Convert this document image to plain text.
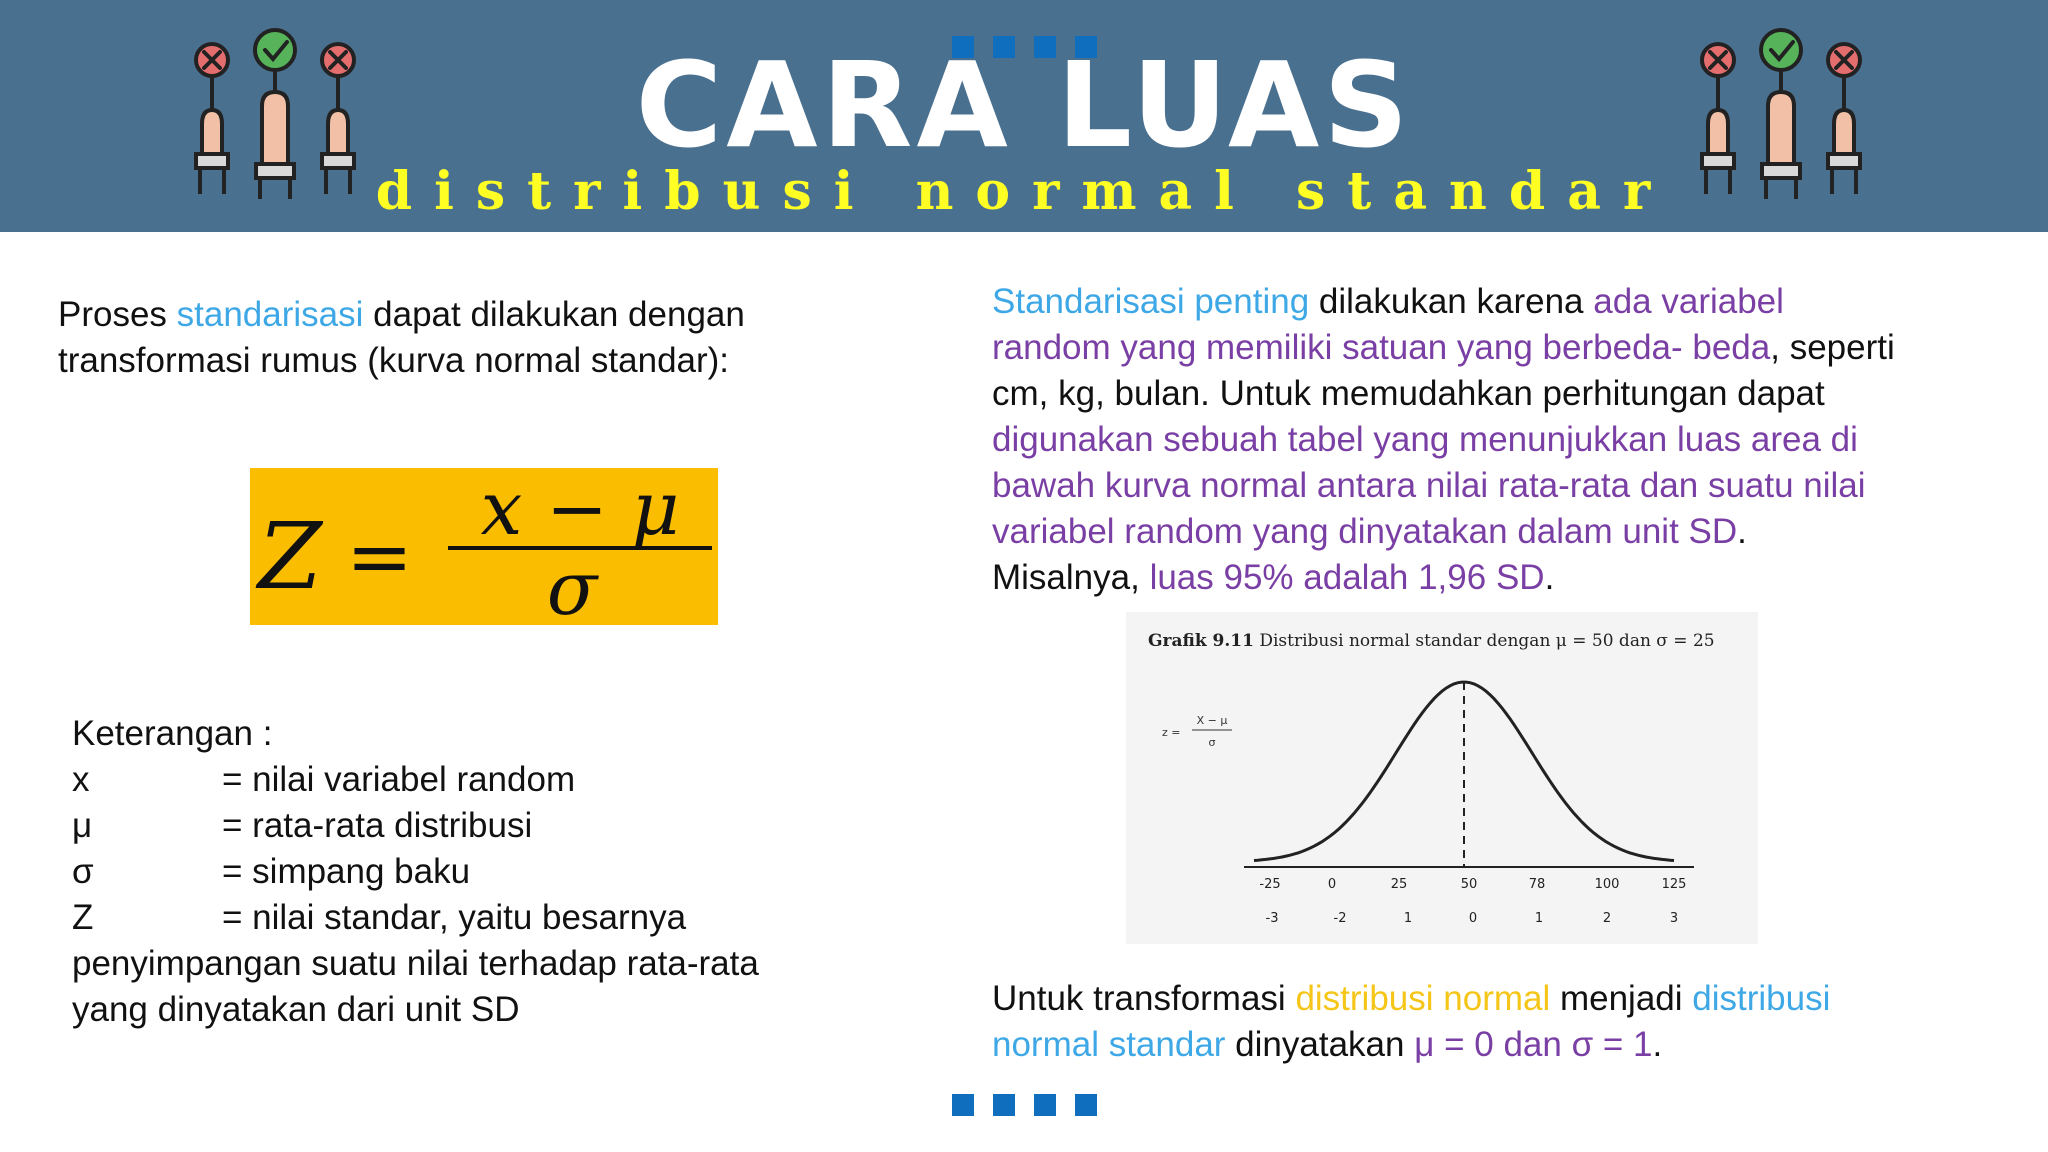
CARA LUAS
distribusi normal standar
Proses standarisasi dapat dilakukan dengan
transformasi rumus (kurva normal standar):
Z =
x − μ
σ
Keterangan :
x	= nilai variabel random
μ	= rata-rata distribusi
σ	= simpang baku
Z	= nilai standar, yaitu besarnya
penyimpangan suatu nilai terhadap rata-rata
yang dinyatakan dari unit SD
Standarisasi penting dilakukan karena ada variabel
random yang memiliki satuan yang berbeda- beda, seperti
cm, kg, bulan. Untuk memudahkan perhitungan dapat
digunakan sebuah tabel yang menunjukkan luas area di
bawah kurva normal antara nilai rata-rata dan suatu nilai
variabel random yang dinyatakan dalam unit SD.
Misalnya, luas 95% adalah 1,96 SD.
Grafik 9.11 Distribusi normal standar dengan μ = 50 dan σ = 25
z =
X − μ
σ
-25	0	25	50	78	100	125
-3	-2	1	0	1	2	3
Untuk transformasi distribusi normal menjadi distribusi
normal standar dinyatakan μ = 0 dan σ = 1.
